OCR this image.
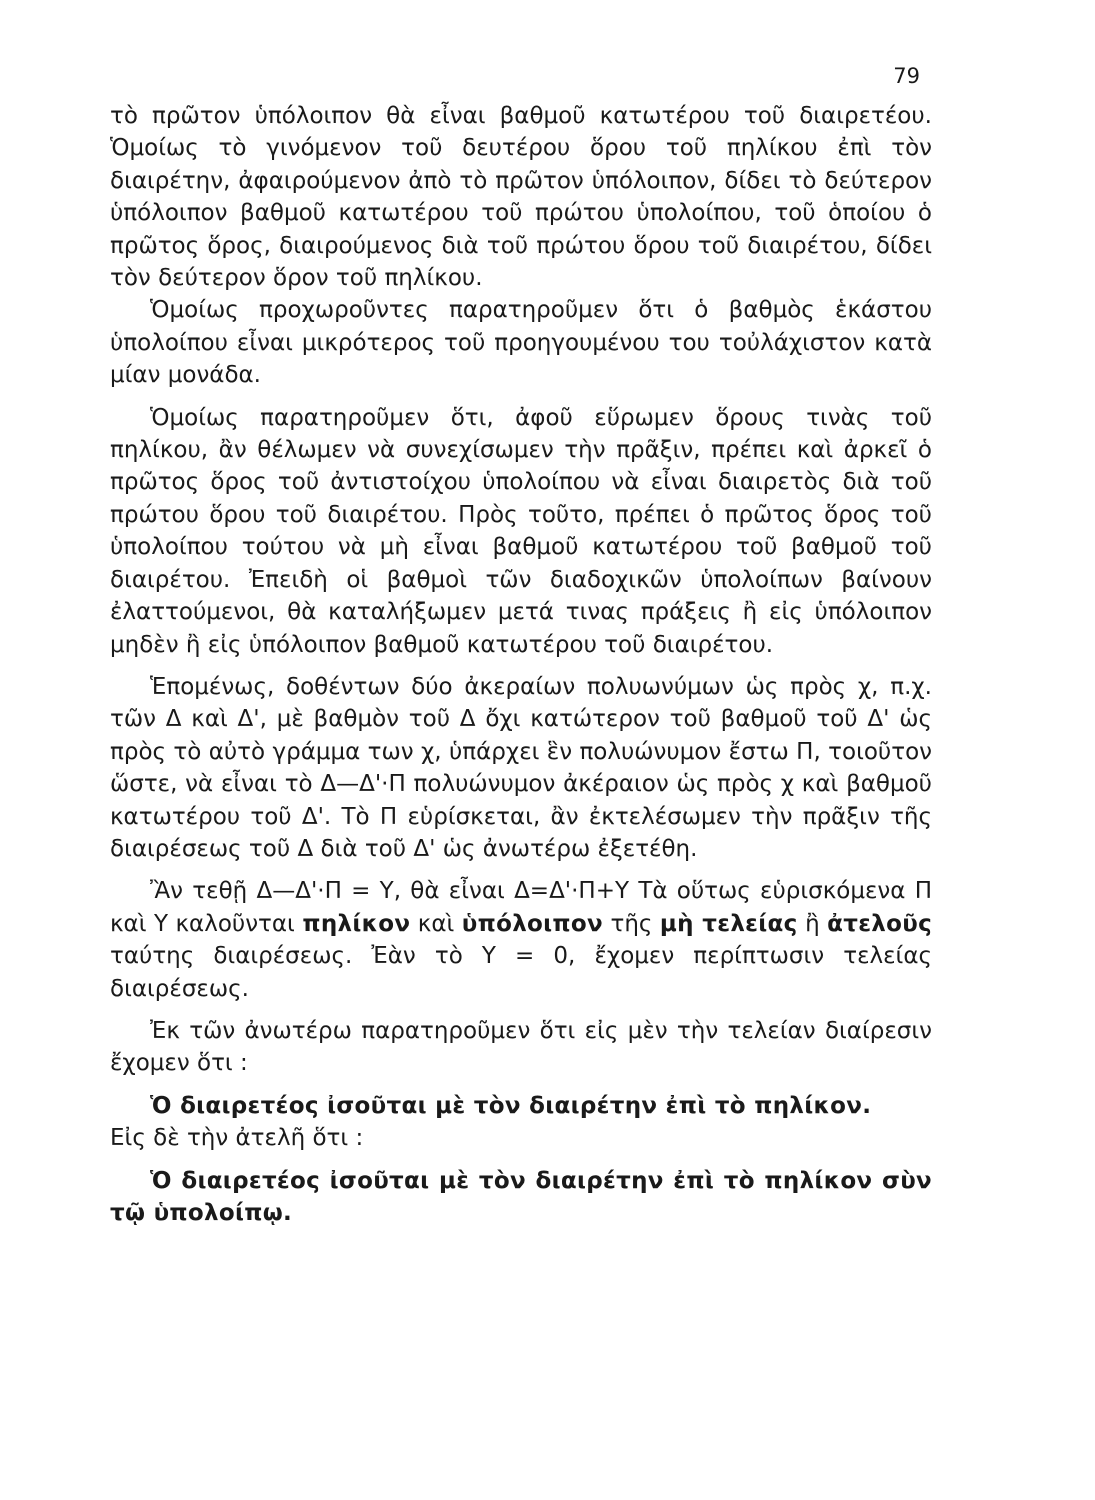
79

τὸ πρῶτον ὑπόλοιπον θὰ εἶναι βαθμοῦ κατωτέρου τοῦ διαιρετέου. Ὁμοίως τὸ γινόμενον τοῦ δευτέρου ὅρου τοῦ πηλίκου ἐπὶ τὸν διαιρέτην, ἀφαιρούμενον ἀπὸ τὸ πρῶτον ὑπόλοιπον, δίδει τὸ δεύτερον ὑπόλοιπον βαθμοῦ κατωτέρου τοῦ πρώτου ὑπολοίπου, τοῦ ὁποίου ὁ πρῶτος ὅρος, διαιρούμενος διὰ τοῦ πρώτου ὅρου τοῦ διαιρέτου, δίδει τὸν δεύτερον ὅρον τοῦ πηλίκου.

Ὁμοίως προχωροῦντες παρατηροῦμεν ὅτι ὁ βαθμὸς ἑκάστου ὑπολοίπου εἶναι μικρότερος τοῦ προηγουμένου του τοὐλάχιστον κατὰ μίαν μονάδα.

Ὁμοίως παρατηροῦμεν ὅτι, ἀφοῦ εὕρωμεν ὅρους τινὰς τοῦ πηλίκου, ἂν θέλωμεν νὰ συνεχίσωμεν τὴν πρᾶξιν, πρέπει καὶ ἀρκεῖ ὁ πρῶτος ὅρος τοῦ ἀντιστοίχου ὑπολοίπου νὰ εἶναι διαιρετὸς διὰ τοῦ πρώτου ὅρου τοῦ διαιρέτου. Πρὸς τοῦτο, πρέπει ὁ πρῶτος ὅρος τοῦ ὑπολοίπου τούτου νὰ μὴ εἶναι βαθμοῦ κατωτέρου τοῦ βαθμοῦ τοῦ διαιρέτου. Ἐπειδὴ οἱ βαθμοὶ τῶν διαδοχικῶν ὑπολοίπων βαίνουν ἐλαττούμενοι, θὰ καταλήξωμεν μετά τινας πράξεις ἢ εἰς ὑπόλοιπον μηδὲν ἢ εἰς ὑπόλοιπον βαθμοῦ κατωτέρου τοῦ διαιρέτου.

Ἑπομένως, δοθέντων δύο ἀκεραίων πολυωνύμων ὡς πρὸς χ, π.χ. τῶν Δ καὶ Δ', μὲ βαθμὸν τοῦ Δ ὄχι κατώτερον τοῦ βαθμοῦ τοῦ Δ' ὡς πρὸς τὸ αὐτὸ γράμμα των χ, ὑπάρχει ἓν πολυώνυμον ἔστω Π, τοιοῦτον ὥστε, νὰ εἶναι τὸ Δ—Δ'·Π πολυώνυμον ἀκέραιον ὡς πρὸς χ καὶ βαθμοῦ κατωτέρου τοῦ Δ'. Τὸ Π εὑρίσκεται, ἂν ἐκτελέσωμεν τὴν πρᾶξιν τῆς διαιρέσεως τοῦ Δ διὰ τοῦ Δ' ὡς ἀνωτέρω ἐξετέθη.

Ἂν τεθῇ Δ—Δ'·Π = Υ, θὰ εἶναι Δ=Δ'·Π+Υ Τὰ οὕτως εὑρισκόμενα Π καὶ Υ καλοῦνται πηλίκον καὶ ὑπόλοιπον τῆς μὴ τελείας ἢ ἀτελοῦς ταύτης διαιρέσεως. Ἐὰν τὸ Υ = 0, ἔχομεν περίπτωσιν τελείας διαιρέσεως.

Ἐκ τῶν ἀνωτέρω παρατηροῦμεν ὅτι εἰς μὲν τὴν τελείαν διαίρεσιν ἔχομεν ὅτι :

Ὁ διαιρετέος ἰσοῦται μὲ τὸν διαιρέτην ἐπὶ τὸ πηλίκον.

Εἰς δὲ τὴν ἀτελῆ ὅτι :

Ὁ διαιρετέος ἰσοῦται μὲ τὸν διαιρέτην ἐπὶ τὸ πηλίκον σὺν τῷ ὑπολοίπῳ.
